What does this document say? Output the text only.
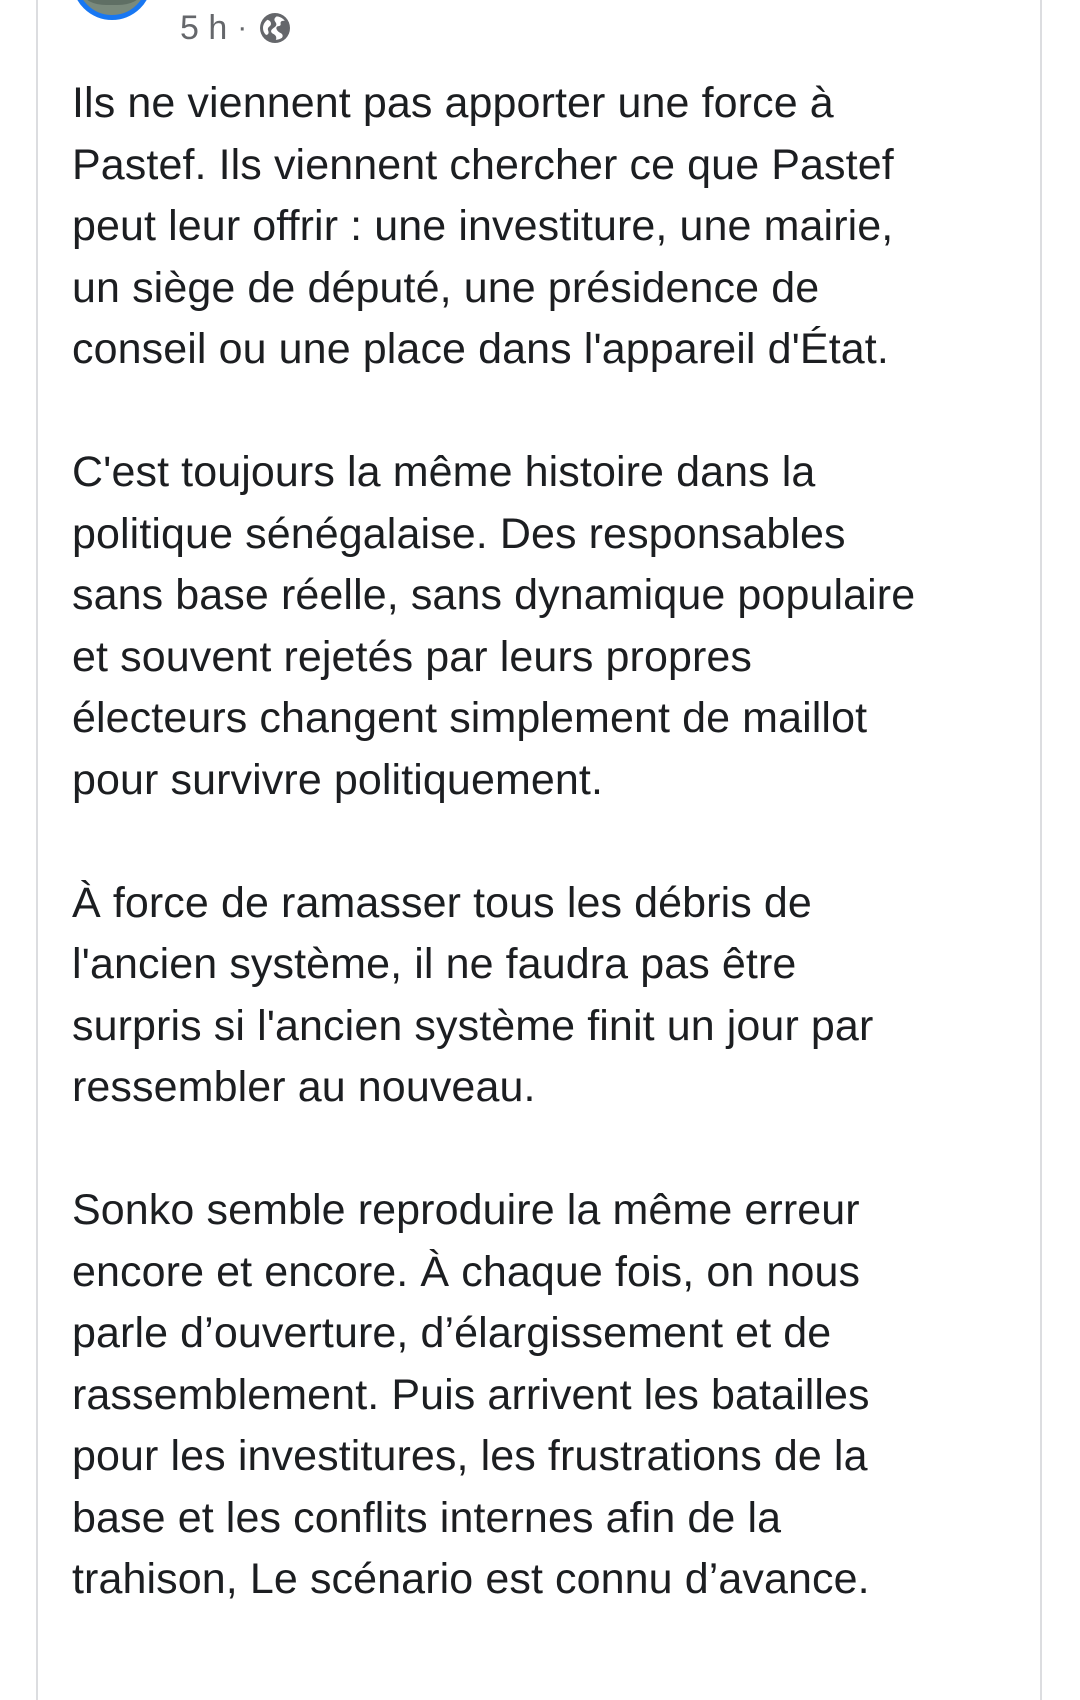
5 h ·

Ils ne viennent pas apporter une force à
Pastef. Ils viennent chercher ce que Pastef
peut leur offrir : une investiture, une mairie,
un siège de député, une présidence de
conseil ou une place dans l'appareil d'État.

C'est toujours la même histoire dans la
politique sénégalaise. Des responsables
sans base réelle, sans dynamique populaire
et souvent rejetés par leurs propres
électeurs changent simplement de maillot
pour survivre politiquement.

À force de ramasser tous les débris de
l'ancien système, il ne faudra pas être
surpris si l'ancien système finit un jour par
ressembler au nouveau.

Sonko semble reproduire la même erreur
encore et encore. À chaque fois, on nous
parle d’ouverture, d’élargissement et de
rassemblement. Puis arrivent les batailles
pour les investitures, les frustrations de la
base et les conflits internes afin de la
trahison, Le scénario est connu d’avance.
